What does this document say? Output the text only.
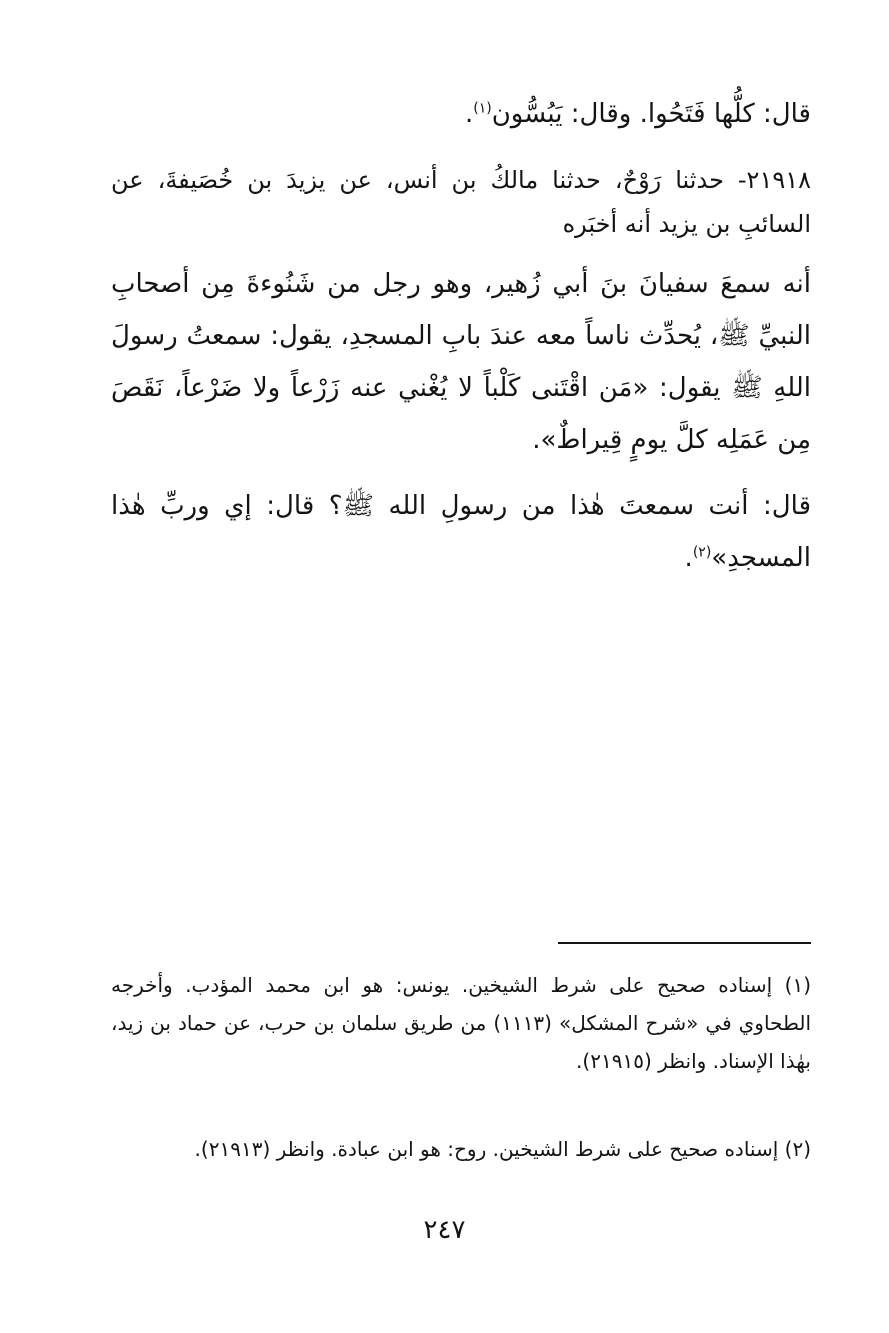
قال: كلُّها فَتَحُوا. وقال: يَبُسُّون$^{(١)}$.
٢١٩١٨- حدثنا رَوْحٌ، حدثنا مالكُ بن أنس، عن يزيدَ بن خُصَيفةَ، عن السائبِ بن يزيد أنه أخبَره
أنه سمعَ سفيانَ بنَ أبي زُهير، وهو رجل من شَنُوءةَ مِن أصحابِ النبيِّ ﷺ، يُحدِّث ناساً معه عندَ بابِ المسجدِ، يقول: سمعتُ رسولَ اللهِ ﷺ يقول: «مَن اقْتَنى كَلْباً لا يُغْني عنه زَرْعاً ولا ضَرْعاً، نَقَصَ مِن عَمَلِه كلَّ يومٍ قِيراطٌ».
قال: أنت سمعتَ هٰذا من رسولِ الله ﷺ؟ قال: إي وربِّ هٰذا المسجدِ»$^{(٢)}$.
(١) إسناده صحيح على شرط الشيخين. يونس: هو ابن محمد المؤدب. وأخرجه الطحاوي في «شرح المشكل» (١١١٣) من طريق سلمان بن حرب، عن حماد بن زيد، بهٰذا الإسناد. وانظر (٢١٩١٥).
(٢) إسناده صحيح على شرط الشيخين. روح: هو ابن عبادة. وانظر (٢١٩١٣).
٢٤٧
